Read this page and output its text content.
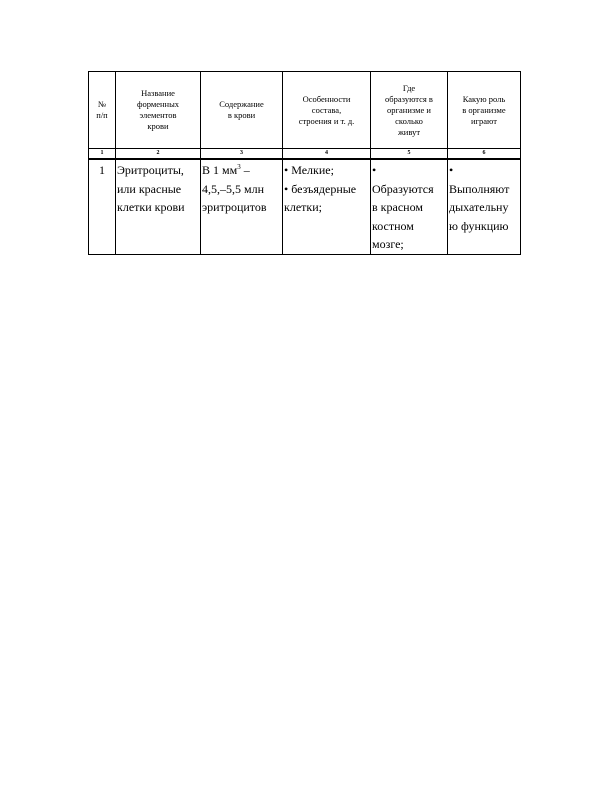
№
п/п	Название
форменных
элементов
крови	Содержание
в крови	Особенности
состава,
строения и т. д.	Где
образуются в
организме и
сколько
живут	Какую роль
в организме
играют

1	2	3	4	5	6
1	Эритроциты,
или красные
клетки крови	В 1 $мм^3$ –
4,5,–5,5 млн
эритроцитов	• Мелкие;
• безъядерные
клетки;	•
Образуются
в красном
костном
мозге;	•
Выполняют
дыхательну
ю функцию
